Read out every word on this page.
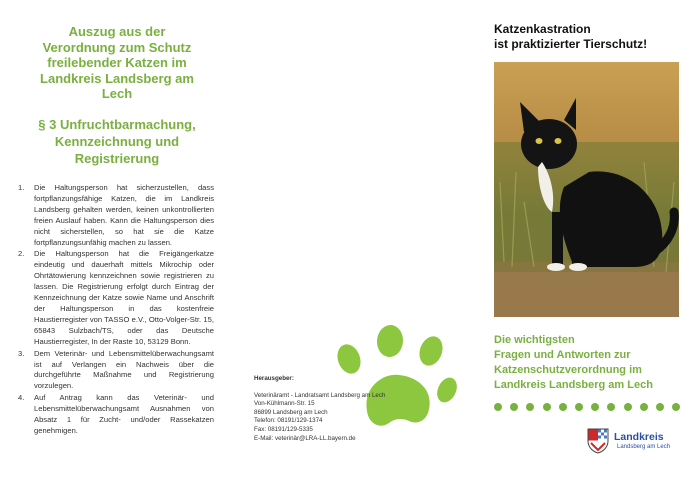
Auszug aus der
Verordnung zum Schutz
freilebender Katzen im
Landkreis Landsberg am
Lech
§ 3 Unfruchtbarmachung,
Kennzeichnung und
Registrierung
1. Die Haltungsperson hat sicherzustellen, dass fortpflanzungsfähige Katzen, die im Landkreis Landsberg gehalten werden, keinen unkontrollierten freien Auslauf haben. Kann die Haltungsperson dies nicht sicherstellen, so hat sie die Katze fortpflanzungsunfähig machen zu lassen.
2. Die Haltungsperson hat die Freigängerkatze eindeutig und dauerhaft mittels Mikrochip oder Ohrtätowierung kennzeichnen sowie registrieren zu lassen. Die Registrierung erfolgt durch Eintrag der Kennzeichnung der Katze sowie Name und Anschrift der Haltungsperson in das kostenfreie Haustierregister von TASSO e.V., Otto-Volger-Str. 15, 65843 Sulzbach/TS, oder das Deutsche Haustierregister, In der Raste 10, 53129 Bonn.
3. Dem Veterinär- und Lebensmittelüberwachungsamt ist auf Verlangen ein Nachweis über die durchgeführte Maßnahme und Registrierung vorzulegen.
4. Auf Antrag kann das Veterinär- und Lebensmittelüberwachungsamt Ausnahmen von Absatz 1 für Zucht- und/oder Rassekatzen genehmigen.
Herausgeber:
Veterinäramt - Landratsamt Landsberg am Lech
Von-Kühlmann-Str. 15
86899 Landsberg am Lech
Telefon: 08191/129-1374
Fax: 08191/129-5335
E-Mail: veterinär@LRA-LL.bayern.de
Katzenkastration
ist praktizierter Tierschutz!
Die wichtigsten
Fragen und Antworten zur
Katzenschutzverordnung im
Landkreis Landsberg am Lech
Landkreis
Landsberg am Lech
